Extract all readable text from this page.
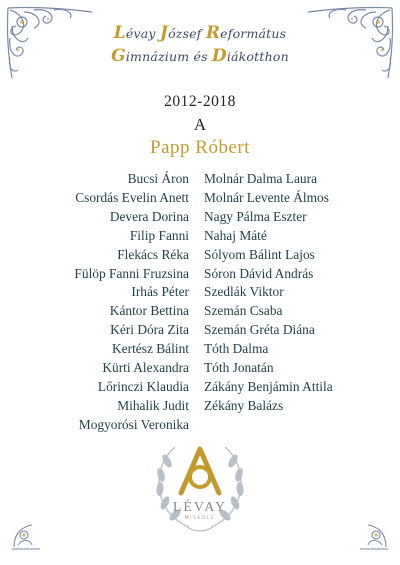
Lévay József Református
Gimnázium és Diákotthon
2012-2018
A
Papp Róbert
Bucsi Áron
Csordás Evelin Anett
Devera Dorina
Filip Fanni
Flekács Réka
Fülöp Fanni Fruzsina
Irhás Péter
Kántor Bettina
Kéri Dóra Zita
Kertész Bálint
Kürti Alexandra
Lőrinczi Klaudia
Mihalik Judit
Mogyorósi Veronika
Molnár Dalma Laura
Molnár Levente Álmos
Nagy Pálma Eszter
Nahaj Máté
Sólyom Bálint Lajos
Sóron Dávid András
Szedlák Viktor
Szemán Csaba
Szemán Gréta Diána
Tóth Dalma
Tóth Jonatán
Zákány Benjámin Attila
Zékány Balázs
LÉVAY
MISKOLC
